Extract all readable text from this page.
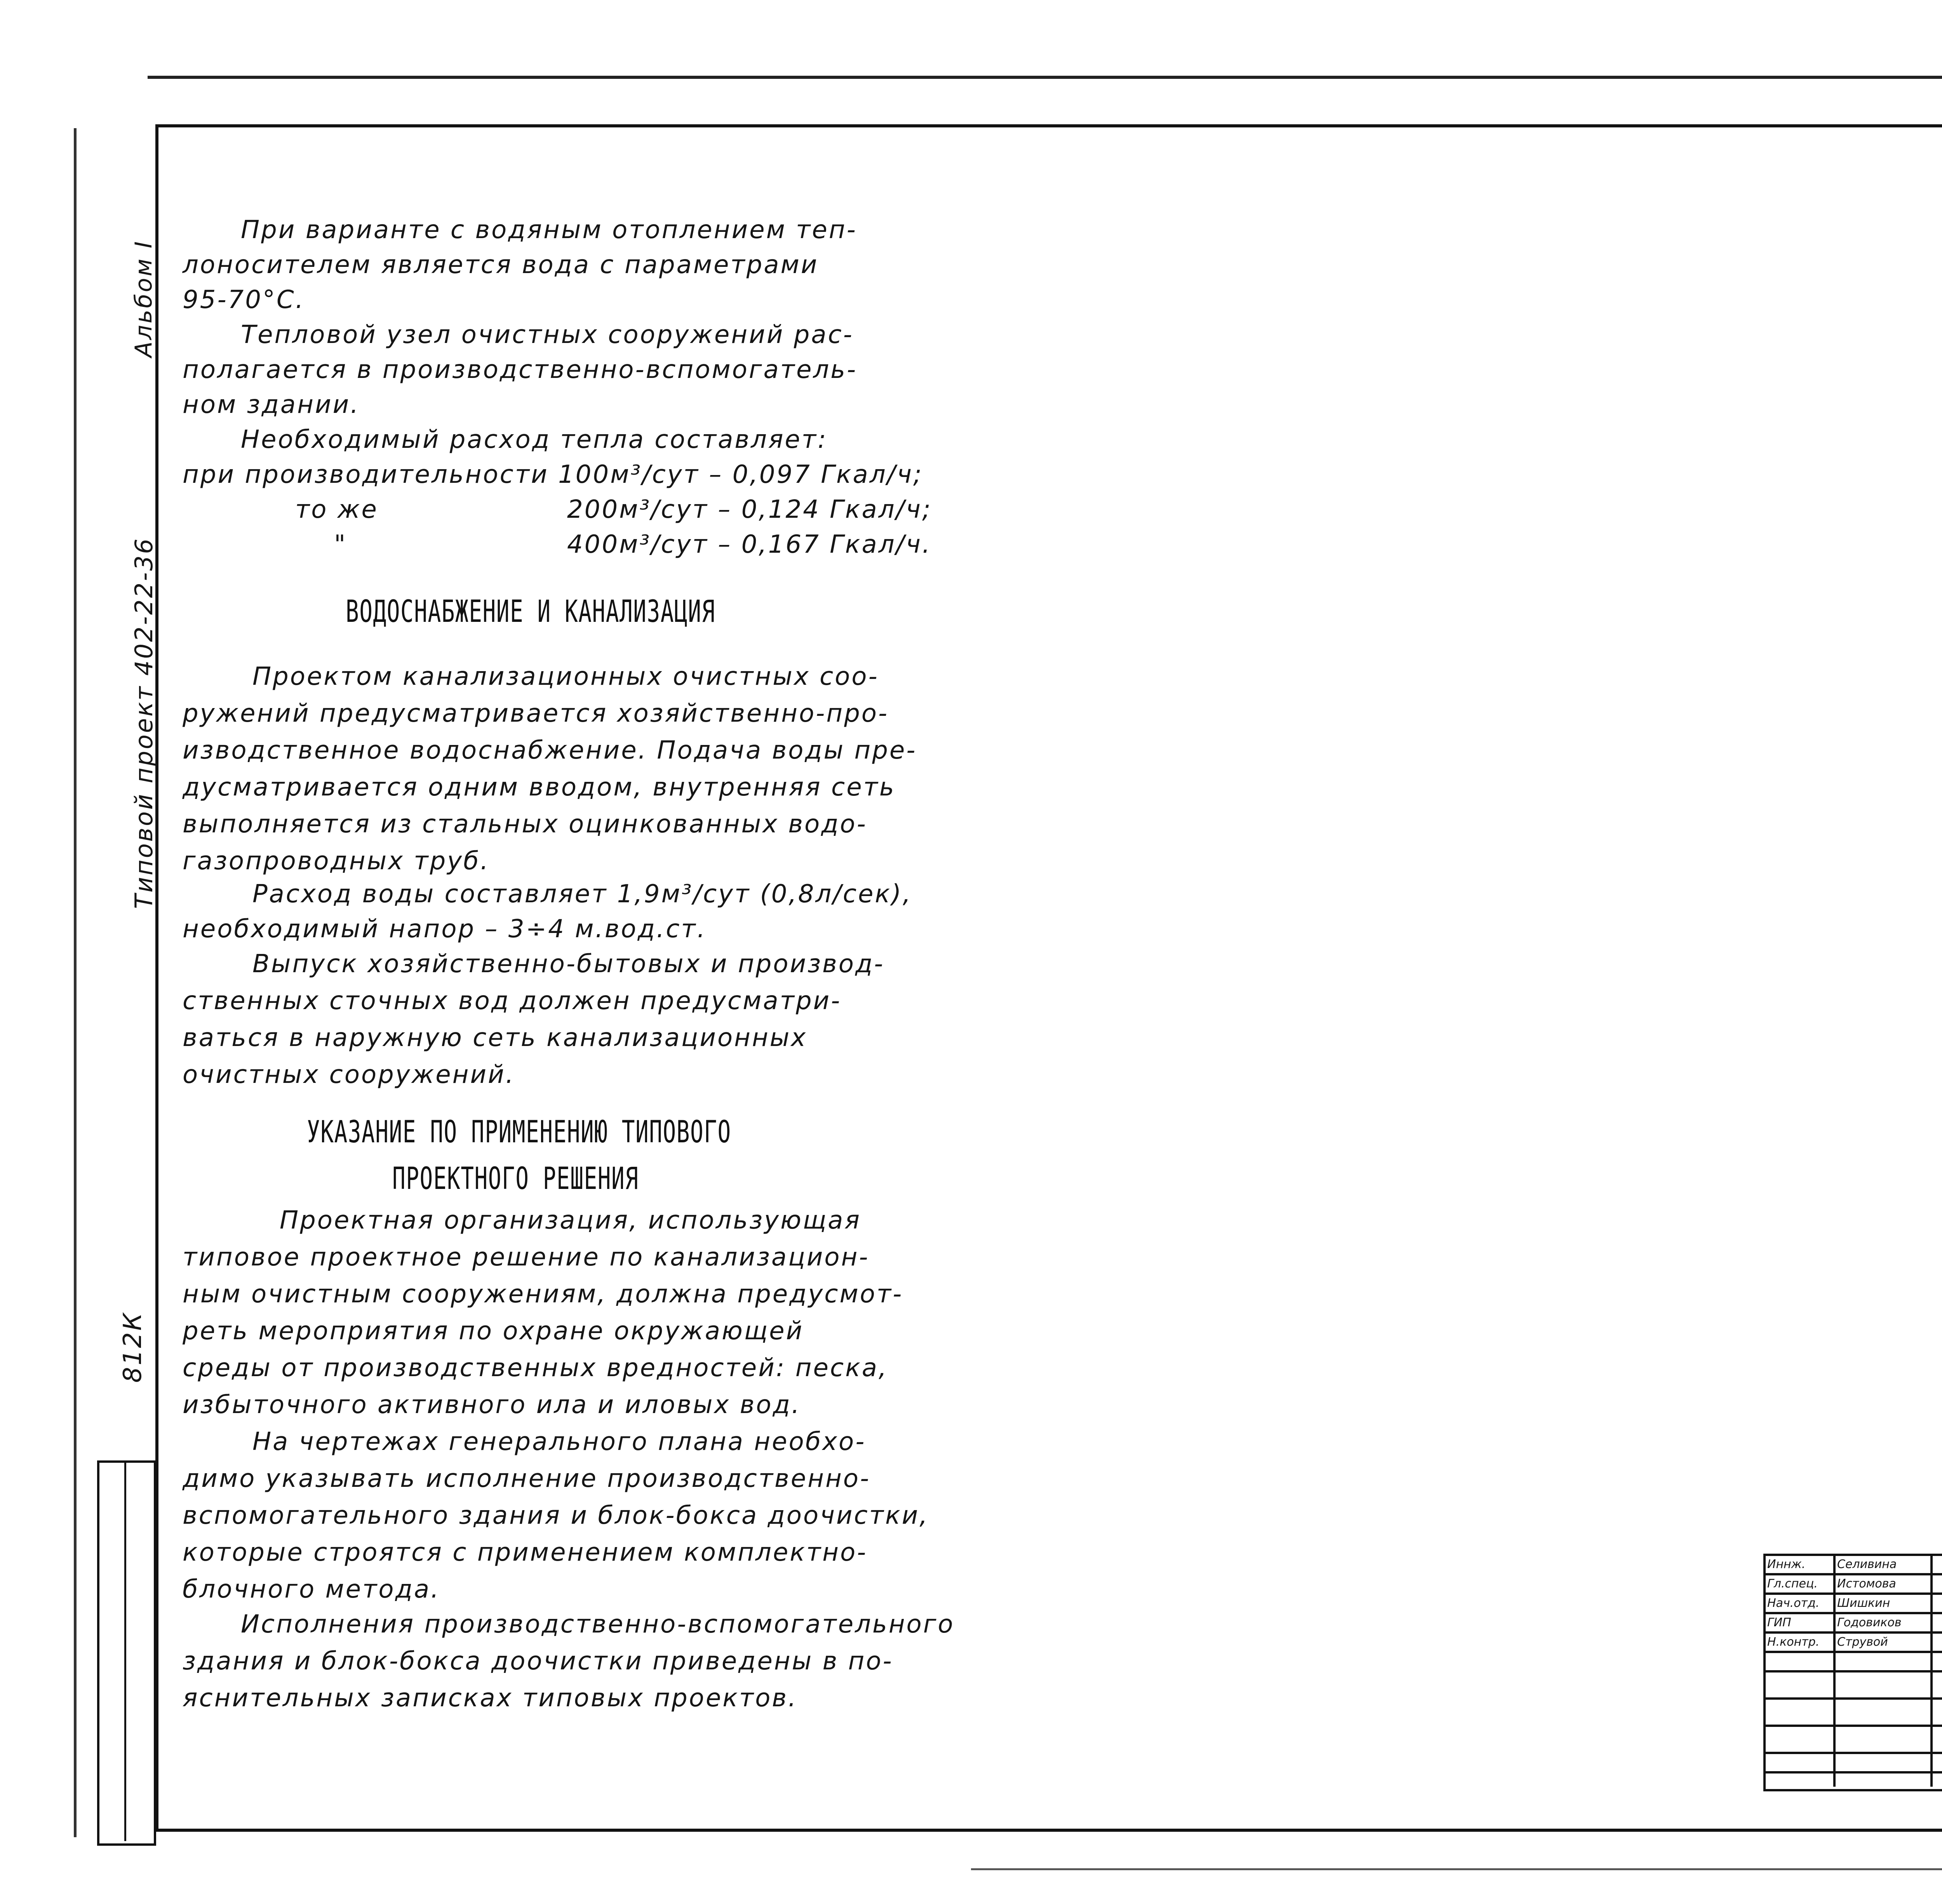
Альбом I
Типовой проект 402-22-36
812К
При варианте с водяным отоплением теп-
лоносителем является вода с параметрами
95-70°С.
Тепловой узел очистных сооружений рас-
полагается в производственно-вспомогатель-
ном здании.
Необходимый расход тепла составляет:
при производительности 100м³/сут – 0,097 Гкал/ч;
то же	200м³/сут – 0,124 Гкал/ч;
"	400м³/сут – 0,167 Гкал/ч.
ВОДОСНАБЖЕНИЕ И КАНАЛИЗАЦИЯ
Проектом канализационных очистных соо-
ружений предусматривается хозяйственно-про-
изводственное водоснабжение. Подача воды пре-
дусматривается одним вводом, внутренняя сеть
выполняется из стальных оцинкованных водо-
газопроводных труб.
Расход воды составляет 1,9м³/сут (0,8л/сек),
необходимый напор – 3÷4 м.вод.ст.
Выпуск хозяйственно-бытовых и производ-
ственных сточных вод должен предусматри-
ваться в наружную сеть канализационных
очистных сооружений.
УКАЗАНИЕ ПО ПРИМЕНЕНИЮ ТИПОВОГО
ПРОЕКТНОГО РЕШЕНИЯ
Проектная организация, использующая
типовое проектное решение по канализацион-
ным очистным сооружениям, должна предусмот-
реть мероприятия по охране окружающей
среды от производственных вредностей: песка,
избыточного активного ила и иловых вод.
На чертежах генерального плана необхо-
димо указывать исполнение производственно-
вспомогательного здания и блок-бокса доочистки,
которые строятся с применением комплектно-
блочного метода.
Исполнения производственно-вспомогательного
здания и блок-бокса доочистки приведены в по-
яснительных записках типовых проектов.
Иннж.
Гл.спец.
Нач.отд.
ГИП
Н.контр.
Селивина
Истомова
Шишкин
Годовиков
Струвой
